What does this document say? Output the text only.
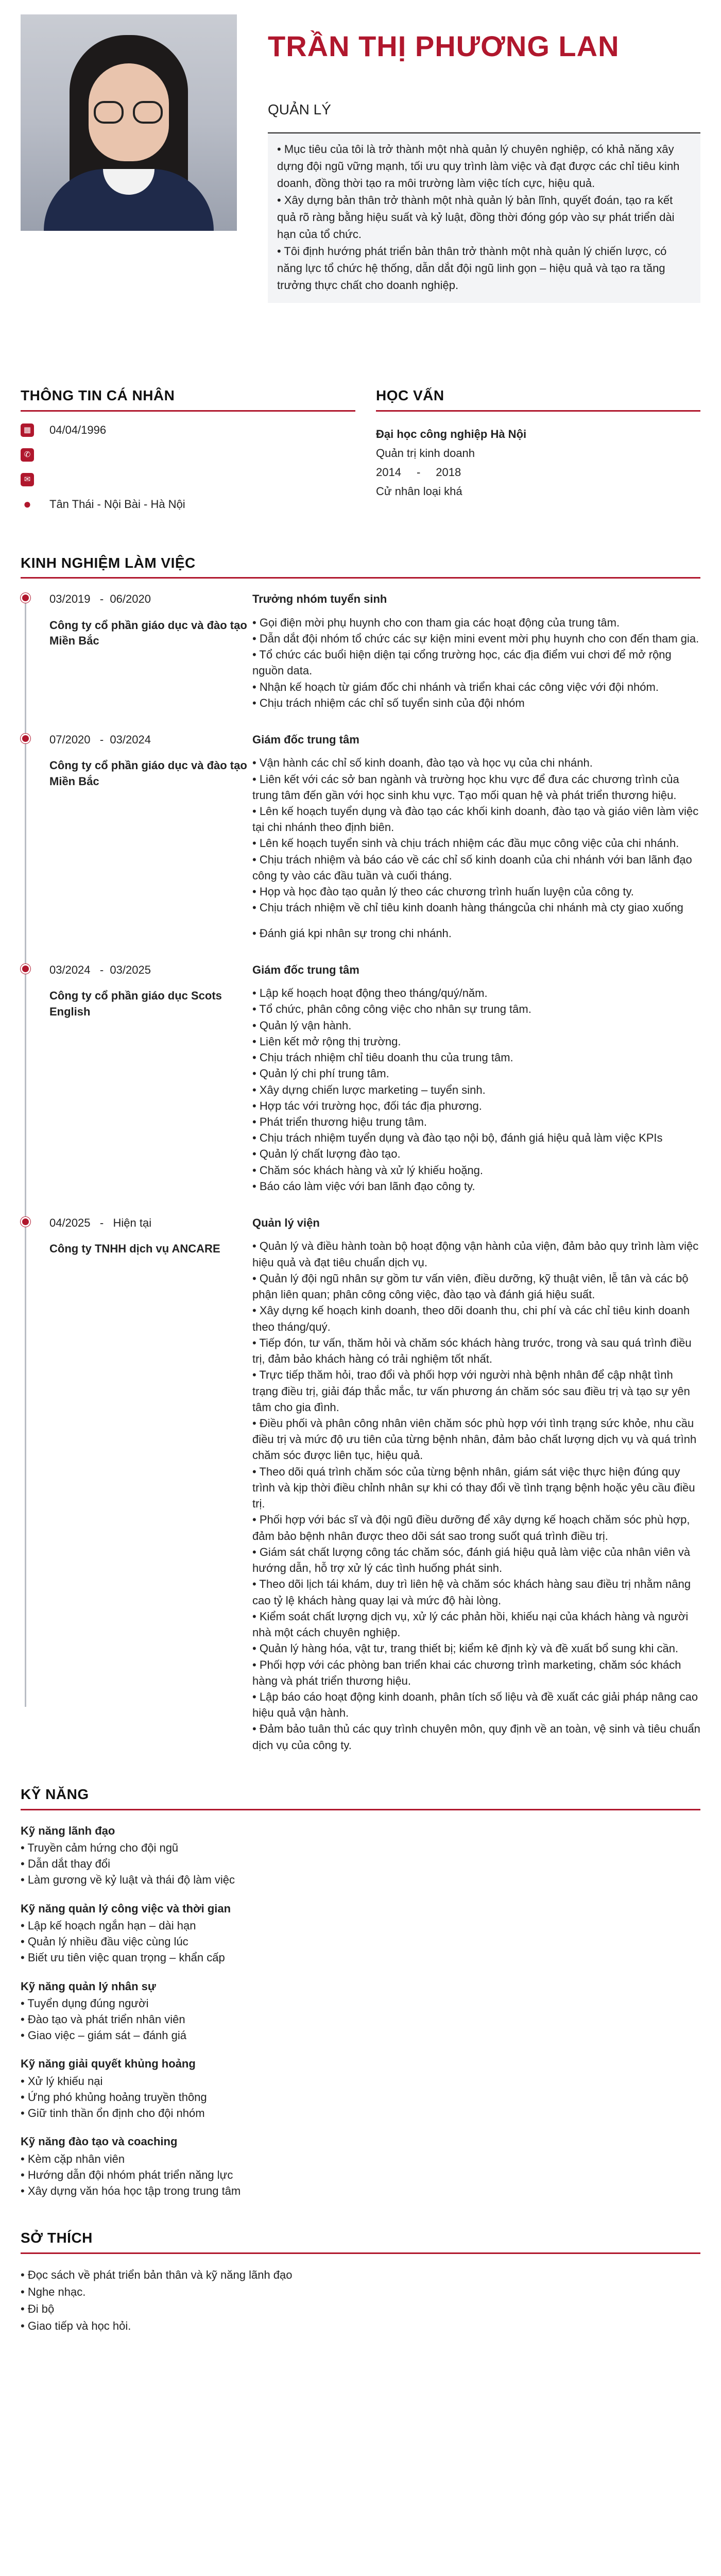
TRẦN THỊ PHƯƠNG LAN
QUẢN LÝ

• Mục tiêu của tôi là trở thành một nhà quản lý chuyên nghiệp, có khả năng xây dựng đội ngũ vững mạnh, tối ưu quy trình làm việc và đạt được các chỉ tiêu kinh doanh, đồng thời tạo ra môi trường làm việc tích cực, hiệu quả.

• Xây dựng bản thân trở thành một nhà quản lý bản lĩnh, quyết đoán, tạo ra kết quả rõ ràng bằng hiệu suất và kỷ luật, đồng thời đóng góp vào sự phát triển dài hạn của tổ chức.

• Tôi định hướng phát triển bản thân trở thành một nhà quản lý chiến lược, có năng lực tổ chức hệ thống, dẫn dắt đội ngũ linh gọn – hiệu quả và tạo ra tăng trưởng thực chất cho doanh nghiệp.

THÔNG TIN CÁ NHÂN
▦ 04/04/1996
✆
✉
● Tân Thái - Nội Bài - Hà Nội
HỌC VẤN
Đại học công nghiệp Hà Nội
Quản trị kinh doanh
2014 - 2018
Cử nhân loại khá
KINH NGHIỆM LÀM VIỆC
03/2019   -  06/2020
Công ty cổ phần giáo dục và đào tạo Miền Bắc
Trưởng nhóm tuyển sinh
• Gọi điện mời phụ huynh cho con tham gia các hoạt động của trung tâm.
• Dẫn dắt đội nhóm tổ chức các sự kiện mini event mời phụ huynh cho con đến tham gia.
• Tổ chức các buổi hiện diện tại cổng trường học, các địa điểm vui chơi để mở rộng nguồn data.
• Nhận kế hoạch từ giám đốc chi nhánh và triển khai các công việc với đội nhóm.
• Chịu trách nhiệm các chỉ số tuyển sinh của đội nhóm
07/2020   -  03/2024
Công ty cổ phần giáo dục và đào tạo Miền Bắc
Giám đốc trung tâm
• Vận hành các chỉ số kinh doanh, đào tạo và học vụ của chi nhánh.
• Liên kết với các sở ban ngành và trường học khu vực để đưa các chương trình của trung tâm đến gần với học sinh khu vực. Tạo mối quan hệ và phát triển thương hiệu.
• Lên kế hoạch tuyển dụng và đào tạo các khối kinh doanh, đào tạo và giáo viên làm việc tại chi nhánh theo định biên.
• Lên kế hoạch tuyển sinh và chịu trách nhiệm các đầu mục công việc của chi nhánh.
• Chịu trách nhiệm và báo cáo về các chỉ số kinh doanh của chi nhánh với ban lãnh đạo công ty vào các đầu tuần và cuối tháng.
• Họp và học đào tạo quản lý theo các chương trình huấn luyện của công ty.
• Chịu trách nhiệm về chỉ tiêu kinh doanh hàng thángcủa chi nhánh mà cty giao xuống
• Đánh giá kpi nhân sự trong chi nhánh.
03/2024   -  03/2025
Công ty cổ phần giáo dục Scots English
Giám đốc trung tâm
• Lập kế hoạch hoạt động theo tháng/quý/năm.
• Tổ chức, phân công công việc cho nhân sự trung tâm.
• Quản lý vận hành.
• Liên kết mở rộng thị trường.
• Chịu trách nhiệm chỉ tiêu doanh thu của trung tâm.
• Quản lý chi phí trung tâm.
• Xây dựng chiến lược marketing – tuyển sinh.
• Hợp tác với trường học, đối tác địa phương.
• Phát triển thương hiệu trung tâm.
• Chịu trách nhiệm tuyển dụng và đào tạo nội bộ, đánh giá hiệu quả làm việc KPIs
• Quản lý chất lượng đào tạo.
• Chăm sóc khách hàng và xử lý khiếu hoặng.
• Báo cáo làm việc với ban lãnh đạo công ty.
04/2025   -   Hiện tại
Công ty TNHH dịch vụ ANCARE
Quản lý viện
• Quản lý và điều hành toàn bộ hoạt động vận hành của viện, đảm bảo quy trình làm việc hiệu quả và đạt tiêu chuẩn dịch vụ.
• Quản lý đội ngũ nhân sự gồm tư vấn viên, điều dưỡng, kỹ thuật viên, lễ tân và các bộ phận liên quan; phân công công việc, đào tạo và đánh giá hiệu suất.
• Xây dựng kế hoạch kinh doanh, theo dõi doanh thu, chi phí và các chỉ tiêu kinh doanh theo tháng/quý.
• Tiếp đón, tư vấn, thăm hỏi và chăm sóc khách hàng trước, trong và sau quá trình điều trị, đảm bảo khách hàng có trải nghiệm tốt nhất.
• Trực tiếp thăm hỏi, trao đổi và phối hợp với người nhà bệnh nhân để cập nhật tình trạng điều trị, giải đáp thắc mắc, tư vấn phương án chăm sóc sau điều trị và tạo sự yên tâm cho gia đình.
• Điều phối và phân công nhân viên chăm sóc phù hợp với tình trạng sức khỏe, nhu cầu điều trị và mức độ ưu tiên của từng bệnh nhân, đảm bảo chất lượng dịch vụ và quá trình chăm sóc được liên tục, hiệu quả.
• Theo dõi quá trình chăm sóc của từng bệnh nhân, giám sát việc thực hiện đúng quy trình và kịp thời điều chỉnh nhân sự khi có thay đổi về tình trạng bệnh hoặc yêu cầu điều trị.
• Phối hợp với bác sĩ và đội ngũ điều dưỡng để xây dựng kế hoạch chăm sóc phù hợp, đảm bảo bệnh nhân được theo dõi sát sao trong suốt quá trình điều trị.
• Giám sát chất lượng công tác chăm sóc, đánh giá hiệu quả làm việc của nhân viên và hướng dẫn, hỗ trợ xử lý các tình huống phát sinh.
• Theo dõi lịch tái khám, duy trì liên hệ và chăm sóc khách hàng sau điều trị nhằm nâng cao tỷ lệ khách hàng quay lại và mức độ hài lòng.
• Kiểm soát chất lượng dịch vụ, xử lý các phản hồi, khiếu nại của khách hàng và người nhà một cách chuyên nghiệp.
• Quản lý hàng hóa, vật tư, trang thiết bị; kiểm kê định kỳ và đề xuất bổ sung khi cần.
• Phối hợp với các phòng ban triển khai các chương trình marketing, chăm sóc khách hàng và phát triển thương hiệu.
• Lập báo cáo hoạt động kinh doanh, phân tích số liệu và đề xuất các giải pháp nâng cao hiệu quả vận hành.
• Đảm bảo tuân thủ các quy trình chuyên môn, quy định về an toàn, vệ sinh và tiêu chuẩn dịch vụ của công ty.
KỸ NĂNG
Kỹ năng lãnh đạo
• Truyền cảm hứng cho đội ngũ
• Dẫn dắt thay đổi
• Làm gương về kỷ luật và thái độ làm việc
Kỹ năng quản lý công việc và thời gian
• Lập kế hoạch ngắn hạn – dài hạn
• Quản lý nhiều đầu việc cùng lúc
• Biết ưu tiên việc quan trọng – khẩn cấp
Kỹ năng quản lý nhân sự
• Tuyển dụng đúng người
• Đào tạo và phát triển nhân viên
• Giao việc – giám sát – đánh giá
Kỹ năng giải quyết khủng hoảng
• Xử lý khiếu nại
• Ứng phó khủng hoảng truyền thông
• Giữ tinh thần ổn định cho đội nhóm
Kỹ năng đào tạo và coaching
• Kèm cặp nhân viên
• Hướng dẫn đội nhóm phát triển năng lực
• Xây dựng văn hóa học tập trong trung tâm
SỞ THÍCH
• Đọc sách về phát triển bản thân và kỹ năng lãnh đạo
• Nghe nhạc.
• Đi bộ
• Giao tiếp và học hỏi.
